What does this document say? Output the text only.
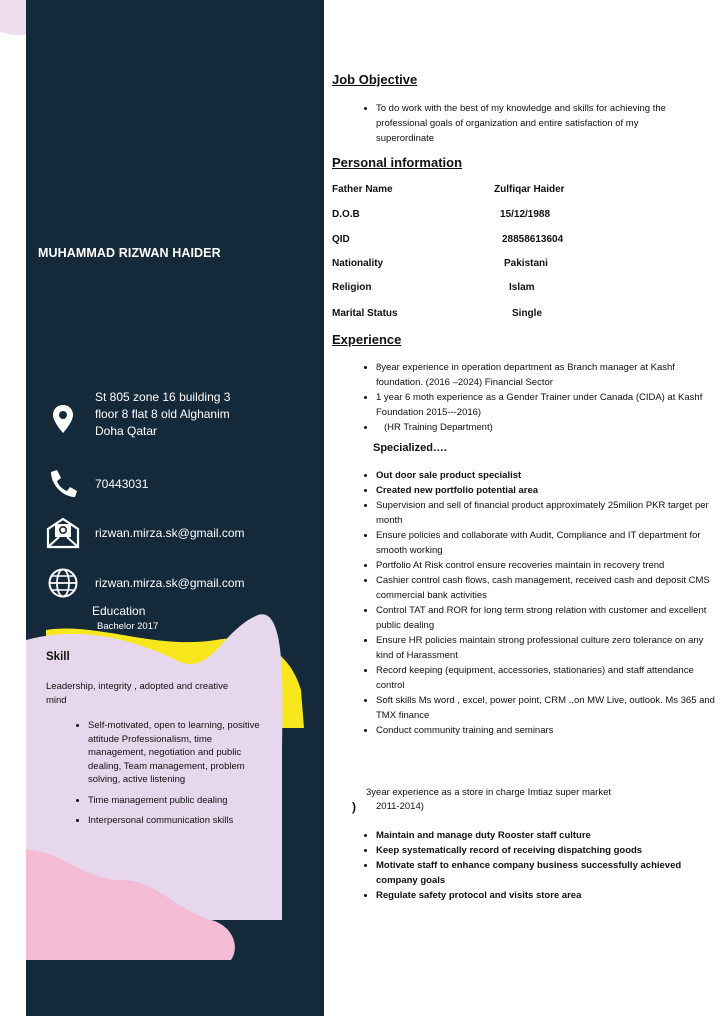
MUHAMMAD RIZWAN HAIDER
St 805 zone 16 building 3
floor 8 flat 8 old Alghanim
Doha Qatar
70443031
rizwan.mirza.sk@gmail.com
rizwan.mirza.sk@gmail.com
Education
Bachelor 2017
Skill
Leadership, integrity , adopted and creative mind
• Self-motivated, open to learning, positive attitude Professionalism, time management, negotiation and public dealing, Team management, problem solving, active listening
• Time management public dealing
• Interpersonal communication skills
Job Objective
• To do work with the best of my knowledge and skills for achieving the professional goals of organization and entire satisfaction of my superordinate
Personal information
Father Name	Zulfiqar Haider
D.O.B	15/12/1988
QID	28858613604
Nationality	Pakistani
Religion	Islam
Marital Status	Single
Experience
• 8year experience in operation department as Branch manager at Kashf foundation. (2016 –2024) Financial Sector
• 1 year 6 moth experience as a Gender Trainer under Canada (CIDA) at Kashf Foundation 2015---2016)
• (HR Training Department)
Specialized….
• Out door sale product specialist
• Created new portfolio potential area
• Supervision and sell of financial product approximately 25milion PKR target per month
• Ensure policies and collaborate with Audit, Compliance and IT department for smooth working
• Portfolio At Risk control ensure recoveries maintain in recovery trend
• Cashier control cash flows, cash management, received cash and deposit CMS commercial bank activities
• Control TAT and ROR for long term strong relation with customer and excellent public dealing
• Ensure HR policies maintain strong professional culture zero tolerance on any kind of Harassment
• Record keeping (equipment, accessories, stationaries) and staff attendance control
• Soft skills Ms word , excel, power point, CRM .,on MW Live, outlook. Ms 365 and TMX finance
• Conduct community training and seminars
3year experience as a store in charge Imtiaz super market
) 2011-2014)
• Maintain and manage duty Rooster staff culture
• Keep systematically record of receiving dispatching goods
• Motivate staff to enhance company business successfully achieved company goals
• Regulate safety protocol and visits store area
